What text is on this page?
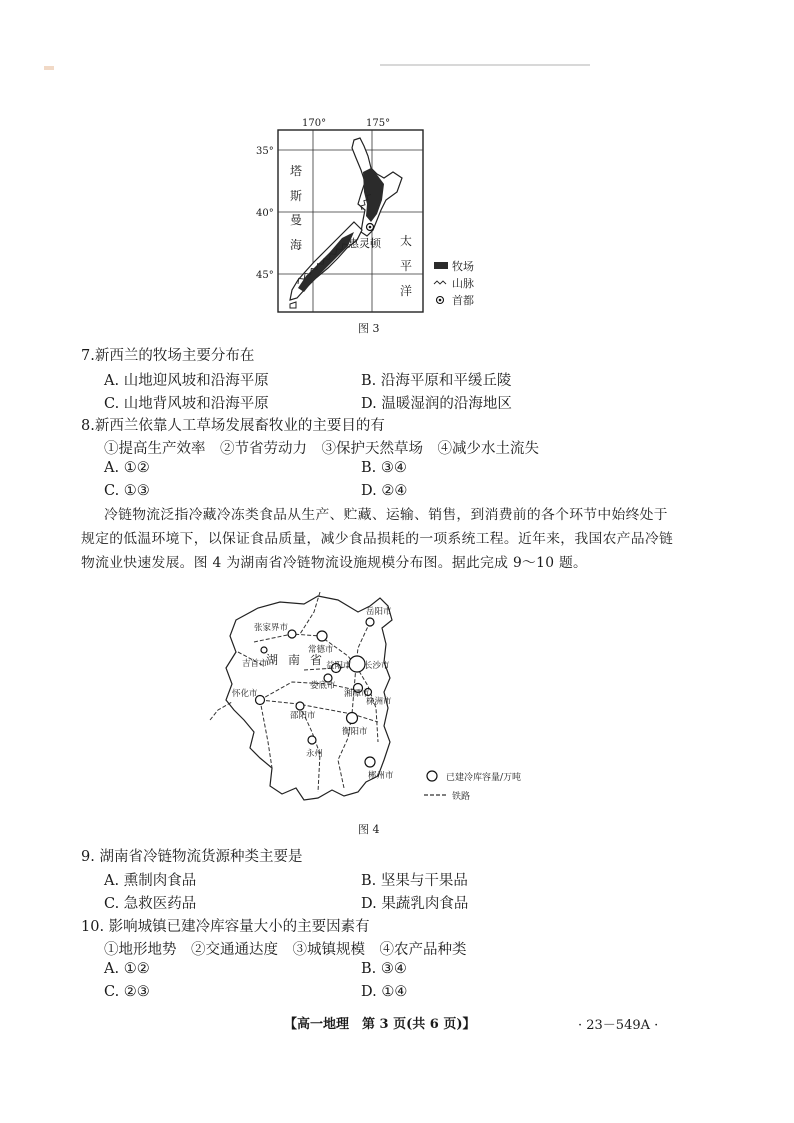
170°	175°
35°
40°
45°
塔
斯
曼
海	惠灵顿 太
平
洋
牧场
山脉
首都
图 3
7.新西兰的牧场主要分布在
A. 山地迎风坡和沿海平原	B. 沿海平原和平缓丘陵
C. 山地背风坡和沿海平原	D. 温暖湿润的沿海地区
8.新西兰依靠人工草场发展畜牧业的主要目的有
①提高生产效率　②节省劳动力　③保护天然草场　④减少水土流失
A. ①②	B. ③④
C. ①③	D. ②④
冷链物流泛指冷藏冷冻类食品从生产、贮藏、运输、销售，到消费前的各个环节中始终处于
规定的低温环境下，以保证食品质量，减少食品损耗的一项系统工程。近年来，我国农产品冷链
物流业快速发展。图 4 为湖南省冷链物流设施规模分布图。据此完成 9～10 题。
张家界市
岳阳市
常德市
吉首市	益阳市 长沙市
娄底市
怀化市	湘潭市
株洲市
邵阳市
衡阳市
永州
郴州市
湖 南 省
已建冷库容量/万吨
铁路
图 4
9. 湖南省冷链物流货源种类主要是
A. 熏制肉食品	B. 坚果与干果品
C. 急救医药品	D. 果蔬乳肉食品
10. 影响城镇已建冷库容量大小的主要因素有
①地形地势　②交通通达度　③城镇规模　④农产品种类
A. ①②	B. ③④
C. ②③	D. ①④
【高一地理　第 3 页(共 6 页)】	· 23－549A ·
